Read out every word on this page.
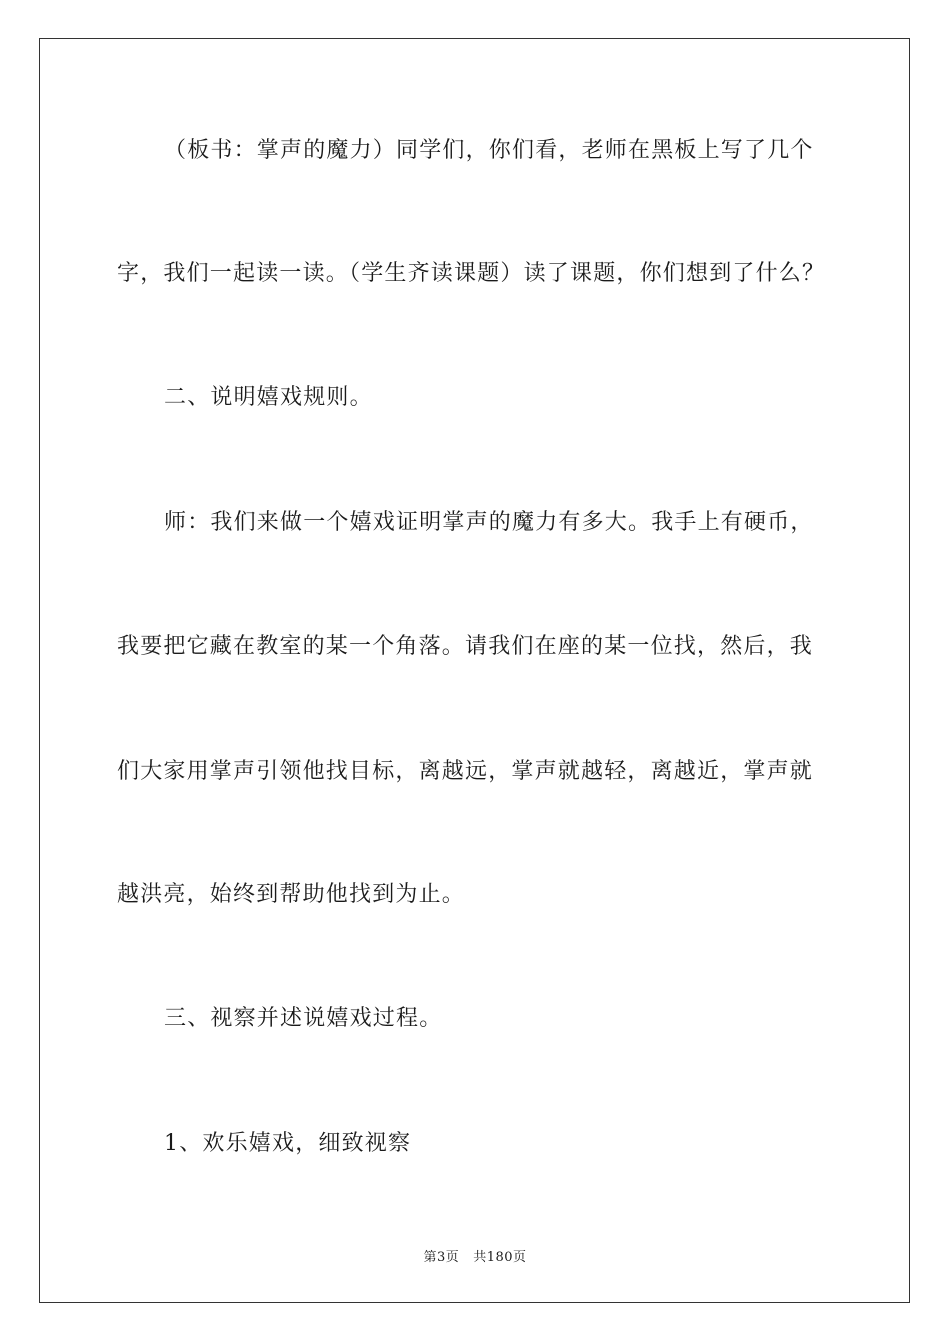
（板书：掌声的魔力）同学们，你们看，老师在黑板上写了几个
字，我们一起读一读。（学生齐读课题）读了课题，你们想到了什么？
二、说明嬉戏规则。
师：我们来做一个嬉戏证明掌声的魔力有多大。我手上有硬币，
我要把它藏在教室的某一个角落。请我们在座的某一位找，然后，我
们大家用掌声引领他找目标，离越远，掌声就越轻，离越近，掌声就
越洪亮，始终到帮助他找到为止。
三、视察并述说嬉戏过程。
1、欢乐嬉戏，细致视察
第3页 共180页
